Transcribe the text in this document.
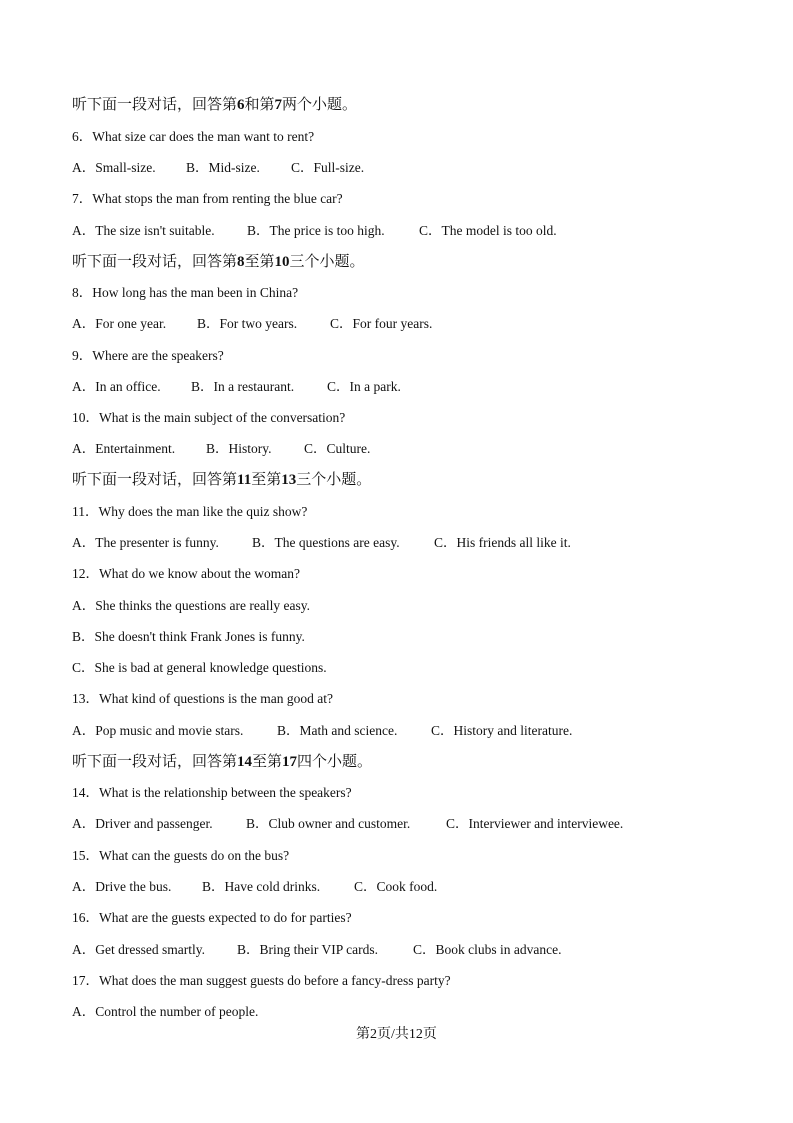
听下面一段对话，回答第6和第7两个小题。
6．What size car does the man want to rent?
A．Small-size. B．Mid-size. C．Full-size.
7．What stops the man from renting the blue car?
A．The size isn't suitable. B．The price is too high.	C．The model is too old.
听下面一段对话，回答第8至第10三个小题。
8．How long has the man been in China?
A．For one year. B．For two years. C．For four years.
9．Where are the speakers?
A．In an office. B．In a restaurant. C．In a park.
10．What is the main subject of the conversation?
A．Entertainment. B．History. C．Culture.
听下面一段对话，回答第11至第13三个小题。
11．Why does the man like the quiz show?
A．The presenter is funny. B．The questions are easy.	C．His friends all like it.
12．What do we know about the woman?
A．She thinks the questions are really easy.
B．She doesn't think Frank Jones is funny.
C．She is bad at general knowledge questions.
13．What kind of questions is the man good at?
A．Pop music and movie stars. B．Math and science. C．History and literature.
听下面一段对话，回答第14至第17四个小题。
14．What is the relationship between the speakers?
A．Driver and passenger. B．Club owner and customer.	C．Interviewer and interviewee.
15．What can the guests do on the bus?
A．Drive the bus. B．Have cold drinks.	C．Cook food.
16．What are the guests expected to do for parties?
A．Get dressed smartly. B．Bring their VIP cards.	C．Book clubs in advance.
17．What does the man suggest guests do before a fancy-dress party?
A．Control the number of people.
第2页/共12页
